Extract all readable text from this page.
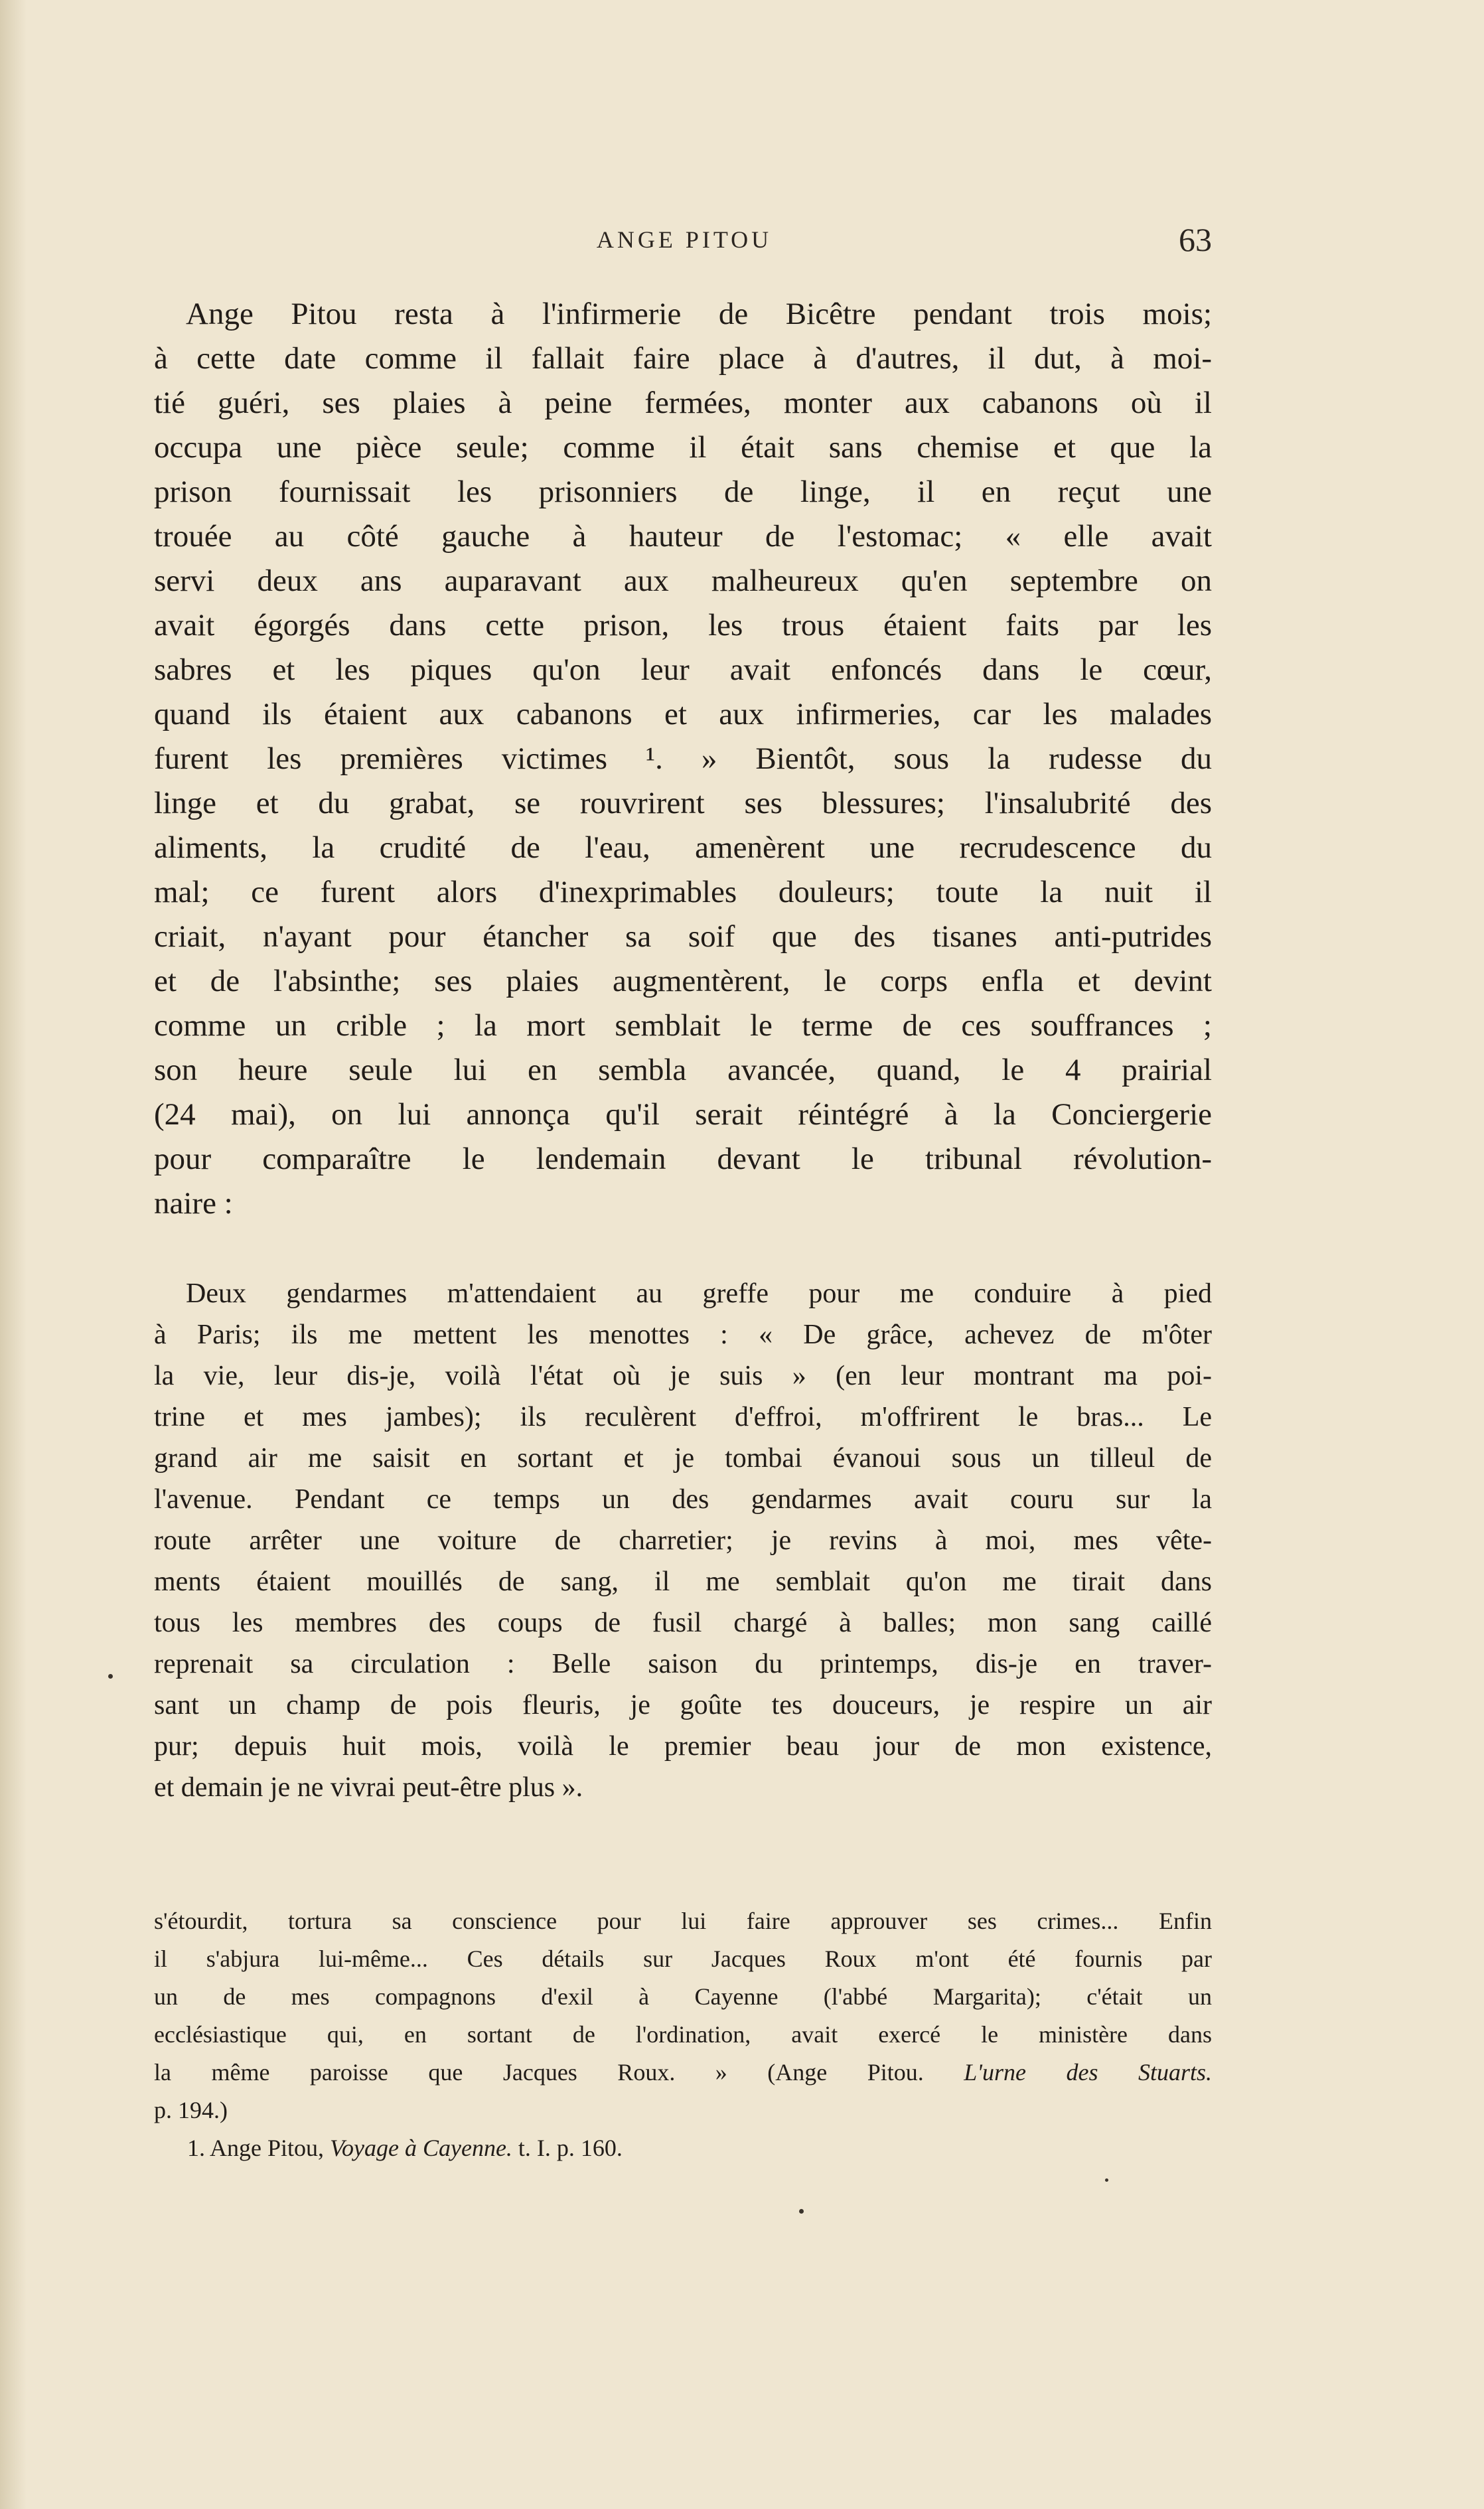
ANGE PITOU	63
Ange Pitou resta à l'infirmerie de Bicêtre pendant trois mois;
à cette date comme il fallait faire place à d'autres, il dut, à moi-
tié guéri, ses plaies à peine fermées, monter aux cabanons où il
occupa une pièce seule; comme il était sans chemise et que la
prison fournissait les prisonniers de linge, il en reçut une
trouée au côté gauche à hauteur de l'estomac; « elle avait
servi deux ans auparavant aux malheureux qu'en septembre on
avait égorgés dans cette prison, les trous étaient faits par les
sabres et les piques qu'on leur avait enfoncés dans le cœur,
quand ils étaient aux cabanons et aux infirmeries, car les malades
furent les premières victimes ¹. » Bientôt, sous la rudesse du
linge et du grabat, se rouvrirent ses blessures; l'insalubrité des
aliments, la crudité de l'eau, amenèrent une recrudescence du
mal; ce furent alors d'inexprimables douleurs; toute la nuit il
criait, n'ayant pour étancher sa soif que des tisanes anti-putrides
et de l'absinthe; ses plaies augmentèrent, le corps enfla et devint
comme un crible ; la mort semblait le terme de ces souffrances ;
son heure seule lui en sembla avancée, quand, le 4 prairial
(24 mai), on lui annonça qu'il serait réintégré à la Conciergerie
pour comparaître le lendemain devant le tribunal révolution-
naire :
Deux gendarmes m'attendaient au greffe pour me conduire à pied
à Paris; ils me mettent les menottes : « De grâce, achevez de m'ôter
la vie, leur dis-je, voilà l'état où je suis » (en leur montrant ma poi-
trine et mes jambes); ils reculèrent d'effroi, m'offrirent le bras... Le
grand air me saisit en sortant et je tombai évanoui sous un tilleul de
l'avenue. Pendant ce temps un des gendarmes avait couru sur la
route arrêter une voiture de charretier; je revins à moi, mes vête-
ments étaient mouillés de sang, il me semblait qu'on me tirait dans
tous les membres des coups de fusil chargé à balles; mon sang caillé
reprenait sa circulation : Belle saison du printemps, dis-je en traver-
sant un champ de pois fleuris, je goûte tes douceurs, je respire un air
pur; depuis huit mois, voilà le premier beau jour de mon existence,
et demain je ne vivrai peut-être plus ».
s'étourdit, tortura sa conscience pour lui faire approuver ses crimes... Enfin
il s'abjura lui-même... Ces détails sur Jacques Roux m'ont été fournis par
un de mes compagnons d'exil à Cayenne (l'abbé Margarita); c'était un
ecclésiastique qui, en sortant de l'ordination, avait exercé le ministère dans
la même paroisse que Jacques Roux. » (Ange Pitou. L'urne des Stuarts.
p. 194.)
1. Ange Pitou, Voyage à Cayenne. t. I. p. 160.
